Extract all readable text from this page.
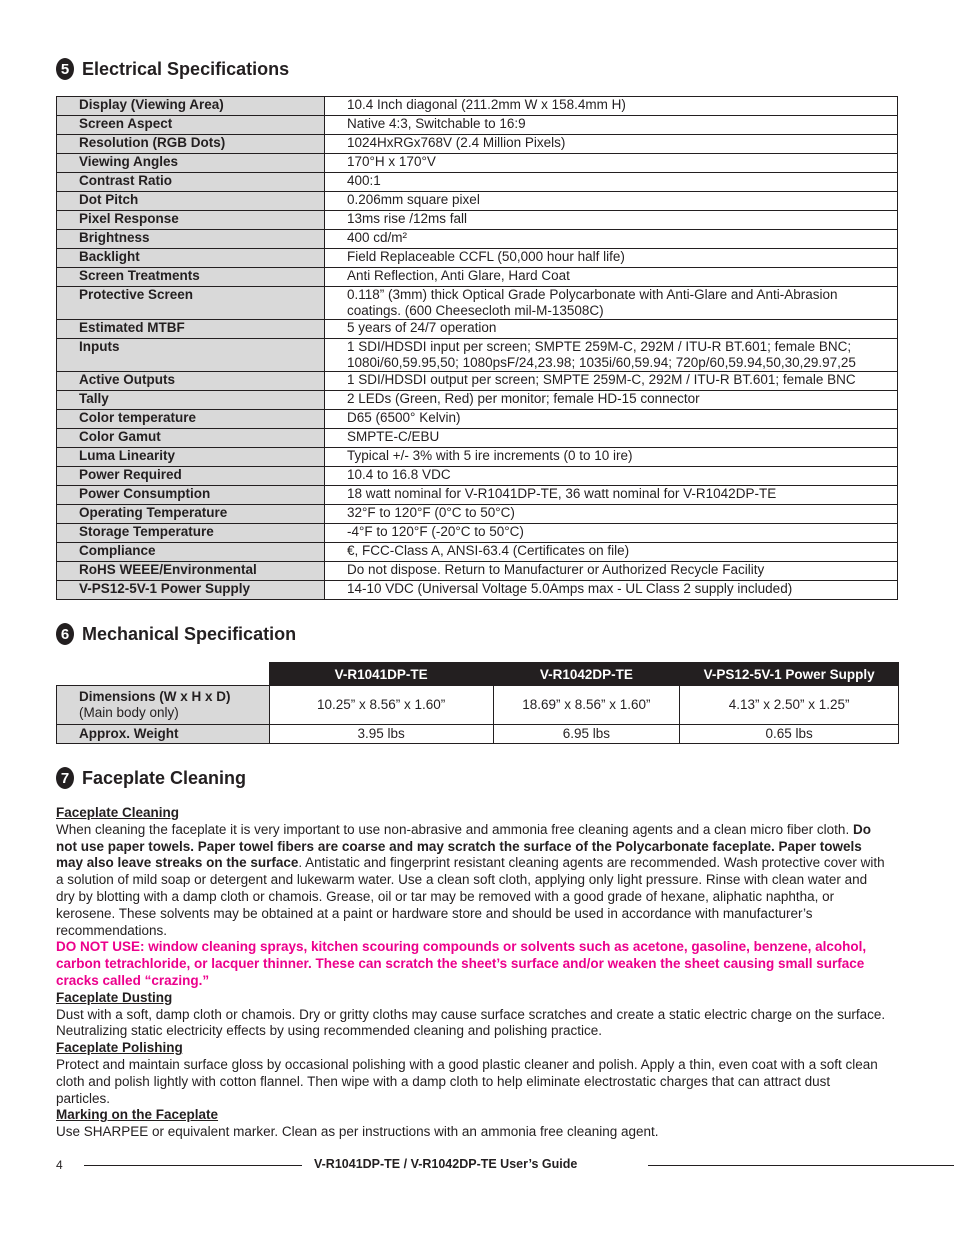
5 Electrical Specifications
Display (Viewing Area)	10.4 Inch diagonal (211.2mm W x 158.4mm H)
Screen Aspect	Native 4:3, Switchable to 16:9
Resolution (RGB Dots)	1024HxRGx768V (2.4 Million Pixels)
Viewing Angles	170°H x 170°V
Contrast Ratio	400:1
Dot Pitch	0.206mm square pixel
Pixel Response	13ms rise /12ms fall
Brightness	400 cd/m²
Backlight	Field Replaceable CCFL (50,000 hour half life)
Screen Treatments	Anti Reflection, Anti Glare, Hard Coat
Protective Screen	0.118” (3mm) thick Optical Grade Polycarbonate with Anti-Glare and Anti-Abrasion coatings. (600 Cheesecloth mil-M-13508C)
Estimated MTBF	5 years of 24/7 operation
Inputs	1 SDI/HDSDI input per screen; SMPTE 259M-C, 292M / ITU-R BT.601; female BNC; 1080i/60,59.95,50; 1080psF/24,23.98; 1035i/60,59.94; 720p/60,59.94,50,30,29.97,25
Active Outputs	1 SDI/HDSDI output per screen; SMPTE 259M-C, 292M / ITU-R BT.601; female BNC
Tally	2 LEDs (Green, Red) per monitor; female HD-15 connector
Color temperature	D65 (6500° Kelvin)
Color Gamut	SMPTE-C/EBU
Luma Linearity	Typical +/- 3% with 5 ire increments (0 to 10 ire)
Power Required	10.4 to 16.8 VDC
Power Consumption	18 watt nominal for V-R1041DP-TE, 36 watt nominal for V-R1042DP-TE
Operating Temperature	32°F to 120°F (0°C to 50°C)
Storage Temperature	-4°F to 120°F (-20°C to 50°C)
Compliance	€, FCC-Class A, ANSI-63.4 (Certificates on file)
RoHS WEEE/Environmental	Do not dispose. Return to Manufacturer or Authorized Recycle Facility
V-PS12-5V-1 Power Supply	14-10 VDC (Universal Voltage 5.0Amps max - UL Class 2 supply included)
6 Mechanical Specification
	V-R1041DP-TE	V-R1042DP-TE	V-PS12-5V-1 Power Supply

Dimensions (W x H x D)
(Main body only)	10.25” x 8.56” x 1.60”	18.69” x 8.56” x 1.60”	4.13” x 2.50” x 1.25”
Approx. Weight	3.95 lbs	6.95 lbs	0.65 lbs
7 Faceplate Cleaning

Faceplate Cleaning

When cleaning the faceplate it is very important to use non-abrasive and ammonia free cleaning agents and a clean micro fiber cloth. Do not use paper towels. Paper towel fibers are coarse and may scratch the surface of the Polycarbonate faceplate. Paper towels may also leave streaks on the surface. Antistatic and fingerprint resistant cleaning agents are recommended. Wash protective cover with a solution of mild soap or detergent and lukewarm water. Use a clean soft cloth, applying only light pressure. Rinse with clean water and dry by blotting with a damp cloth or chamois. Grease, oil or tar may be removed with a good grade of hexane, aliphatic naphtha, or kerosene. These solvents may be obtained at a paint or hardware store and should be used in accordance with manufacturer’s recommendations.

DO NOT USE: window cleaning sprays, kitchen scouring compounds or solvents such as acetone, gasoline, benzene, alcohol, carbon tetrachloride, or lacquer thinner. These can scratch the sheet’s surface and/or weaken the sheet causing small surface cracks called “crazing.”

Faceplate Dusting

Dust with a soft, damp cloth or chamois. Dry or gritty cloths may cause surface scratches and create a static electric charge on the surface. Neutralizing static electricity effects by using recommended cleaning and polishing practice.

Faceplate Polishing

Protect and maintain surface gloss by occasional polishing with a good plastic cleaner and polish. Apply a thin, even coat with a soft clean cloth and polish lightly with cotton flannel. Then wipe with a damp cloth to help eliminate electrostatic charges that can attract dust particles.

Marking on the Faceplate

Use SHARPEE or equivalent marker. Clean as per instructions with an ammonia free cleaning agent.

4	V-R1041DP-TE / V-R1042DP-TE User’s Guide
